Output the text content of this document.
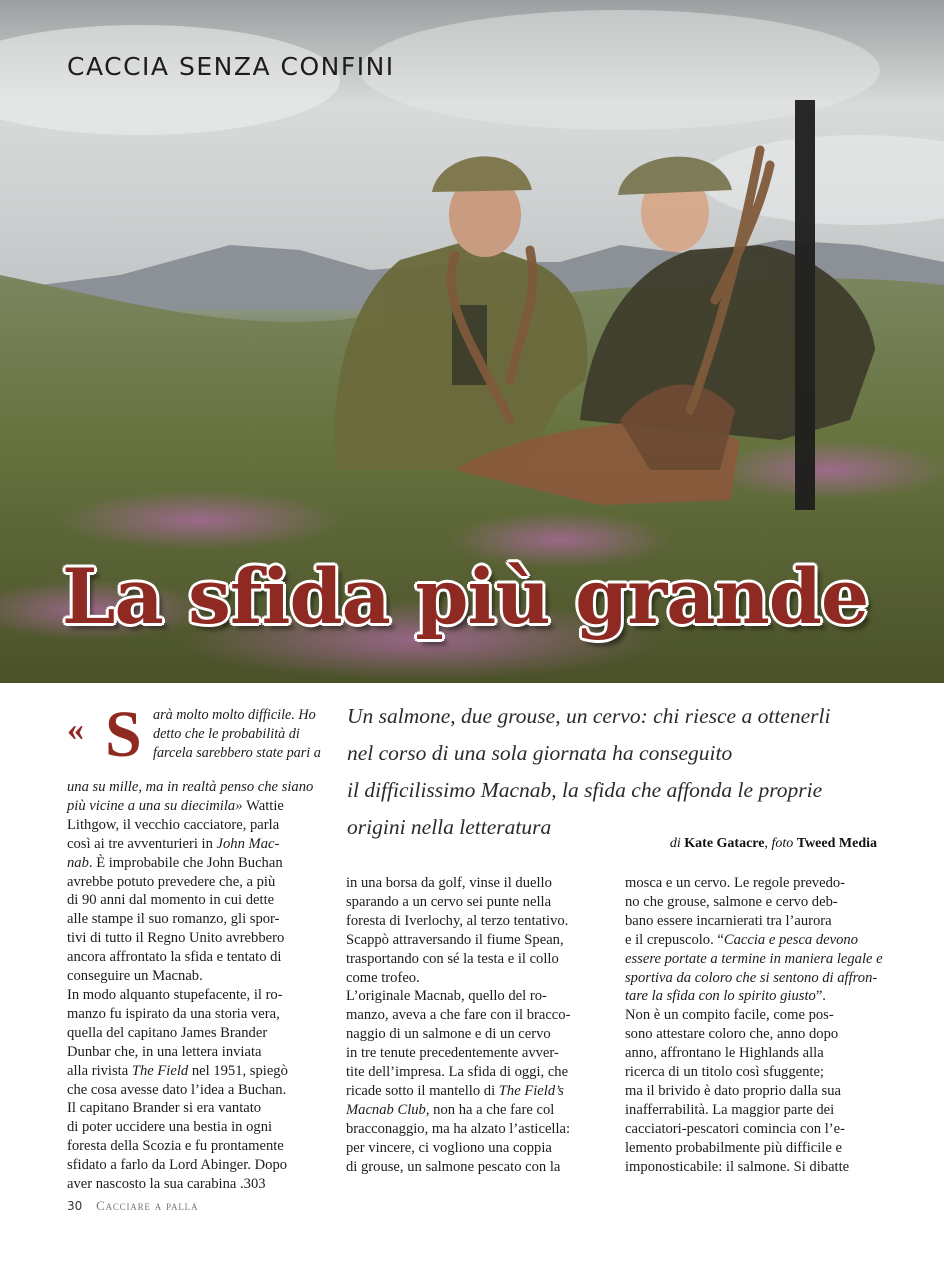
CACCIA SENZA CONFINI
La sfida più grande
Un salmone, due grouse, un cervo: chi riesce a ottenerli
nel corso di una sola giornata ha conseguito
il difficilissimo Macnab, la sfida che affonda le proprie
origini nella letteratura

di Kate Gatacre, foto Tweed Media

« S arà molto molto difficile. Ho
detto che le probabilità di
farcela sarebbero state pari a

una su mille, ma in realtà penso che siano

più vicine a una su diecimila» Wattie

Lithgow, il vecchio cacciatore, parla

così ai tre avventurieri in John Mac-

nab. È improbabile che John Buchan

avrebbe potuto prevedere che, a più

di 90 anni dal momento in cui dette

alle stampe il suo romanzo, gli spor-

tivi di tutto il Regno Unito avrebbero

ancora affrontato la sfida e tentato di

conseguire un Macnab.

In modo alquanto stupefacente, il ro-

manzo fu ispirato da una storia vera,

quella del capitano James Brander

Dunbar che, in una lettera inviata

alla rivista The Field nel 1951, spiegò

che cosa avesse dato l’idea a Buchan.

Il capitano Brander si era vantato

di poter uccidere una bestia in ogni

foresta della Scozia e fu prontamente

sfidato a farlo da Lord Abinger. Dopo

aver nascosto la sua carabina .303

in una borsa da golf, vinse il duello

sparando a un cervo sei punte nella

foresta di Iverlochy, al terzo tentativo.

Scappò attraversando il fiume Spean,

trasportando con sé la testa e il collo

come trofeo.

L’originale Macnab, quello del ro-

manzo, aveva a che fare con il bracco-

naggio di un salmone e di un cervo

in tre tenute precedentemente avver-

tite dell’impresa. La sfida di oggi, che

ricade sotto il mantello di The Field’s

Macnab Club, non ha a che fare col

bracconaggio, ma ha alzato l’asticella:

per vincere, ci vogliono una coppia

di grouse, un salmone pescato con la

mosca e un cervo. Le regole prevedo-

no che grouse, salmone e cervo deb-

bano essere incarnierati tra l’aurora

e il crepuscolo. “Caccia e pesca devono

essere portate a termine in maniera legale e

sportiva da coloro che si sentono di affron-

tare la sfida con lo spirito giusto”.

Non è un compito facile, come pos-

sono attestare coloro che, anno dopo

anno, affrontano le Highlands alla

ricerca di un titolo così sfuggente;

ma il brivido è dato proprio dalla sua

inafferrabilità. La maggior parte dei

cacciatori-pescatori comincia con l’e-

lemento probabilmente più difficile e

imponosticabile: il salmone. Si dibatte

30 Cacciare a palla
